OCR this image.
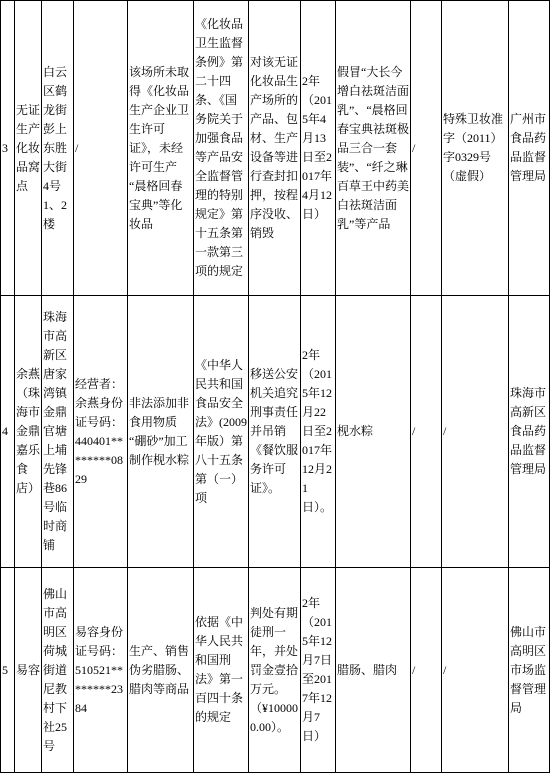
3	无证生产化妆品窝点	白云区鹤龙街彭上东胜大街4号1、2楼	/	该场所未取得《化妆品生产企业卫生许可证》，未经许可生产“晨格回春宝典”等化妆品	《化妆品卫生监督条例》第二十四条、《国务院关于加强食品等产品安全监督管理的特别规定》第十五条第一款第三项的规定	对该无证化妆品生产场所的产品、包材、生产设备等进行查封扣押，按程序没收、销毁	2年（2015年4月13日至2017年4月12日）	假冒“大长今增白祛斑洁面乳”、“晨格回春宝典祛斑极品三合一套装”、“纤之琳百草王中药美白祛斑洁面乳”等产品	/	特殊卫妆准字（2011）字0329号（虚假）	广州市食品药品监督管理局
4	余燕（珠海市金鼎嘉乐食店）	珠海市高新区唐家湾镇金鼎官塘上埔先锋巷86号临时商铺	经营者：余燕身份证号码：440401********0829	非法添加非食用物质“硼砂”加工制作枧水粽	《中华人民共和国食品安全法》(2009年版）第八十五条第（一）项	移送公安机关追究刑事责任并吊销《餐饮服务许可证》。	2年（2015年12月22日至2017年12月21日）。	枧水粽	/	/	珠海市高新区食品药品监督管理局
5	易容	佛山市高明区荷城街道尼教村下社25号	易容身份证号码：510521********2384	生产、销售伪劣腊肠、腊肉等商品	依据《中华人民共和国刑法》第一百四十条的规定	判处有期徒刑一年，并处罚金壹拾万元。（¥100000.00）。	2年（2015年12月7日至2017年12月7日）	腊肠、腊肉	/	/	佛山市高明区市场监督管理局
